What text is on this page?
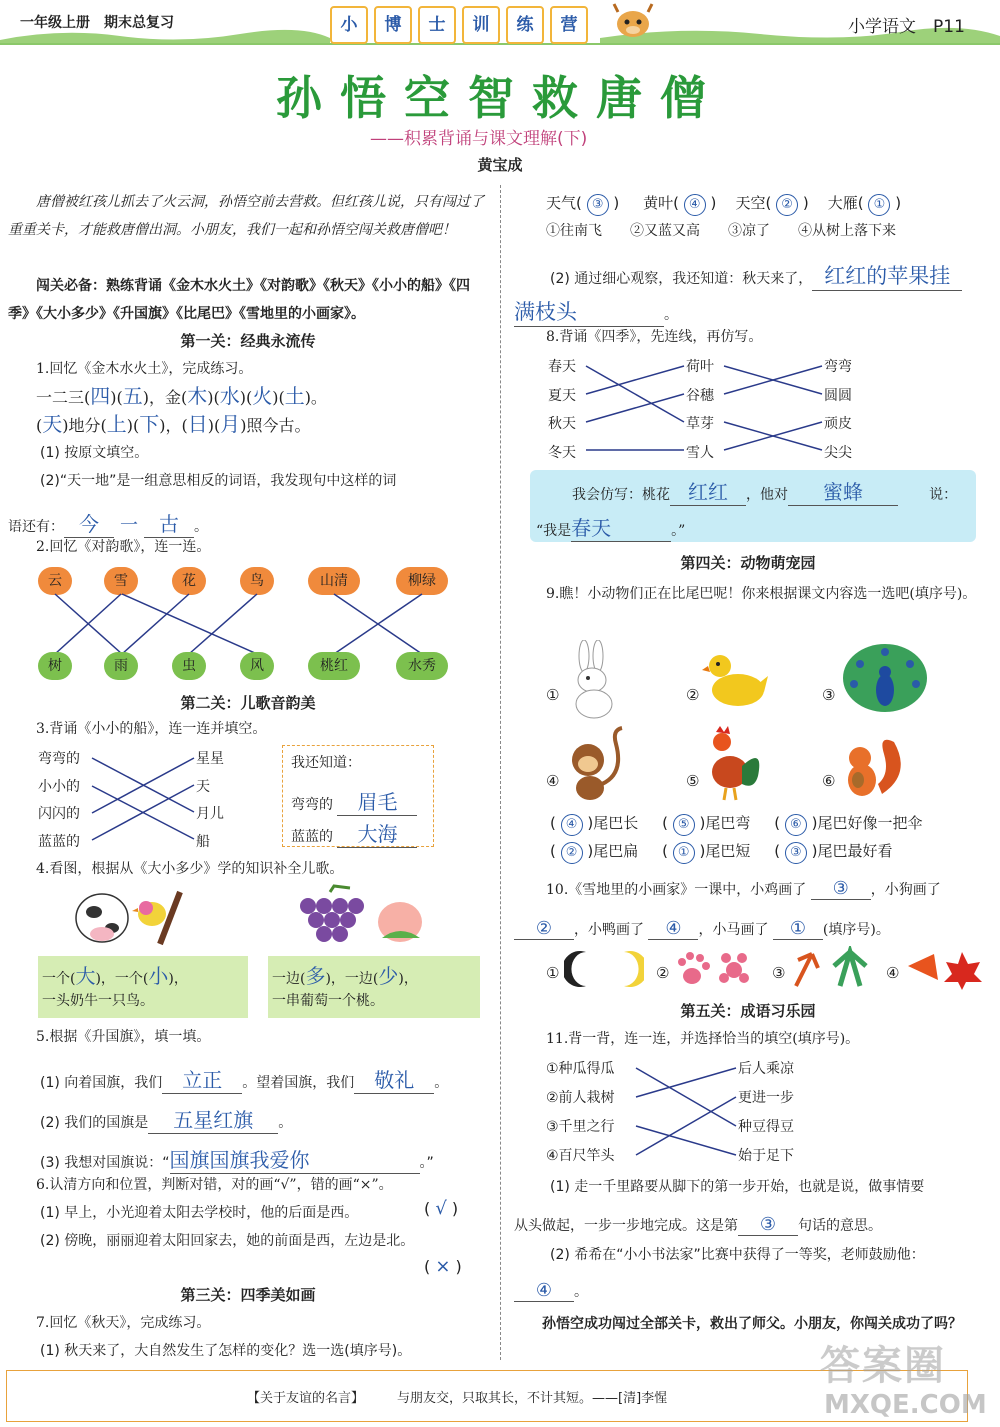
一年级上册　期末总复习	小	博	士	训	练	营	小学语文　P11
孙悟空智救唐僧
——积累背诵与课文理解(下)
黄宝成
唐僧被红孩儿抓去了火云洞，孙悟空前去营救。但红孩儿说，只有闯过了重重关卡，才能救唐僧出洞。小朋友，我们一起和孙悟空闯关救唐僧吧！
闯关必备：熟练背诵《金木水火土》《对韵歌》《秋天》《小小的船》《四季》《大小多少》《升国旗》《比尾巴》《雪地里的小画家》。
第一关：经典永流传
1.回忆《金木水火土》，完成练习。
一二三(四)(五)，金(木)(水)(火)(土)。
(天)地分(上)(下)，(日)(月)照今古。
(1) 按原文填空。
(2)“天一地”是一组意思相反的词语，我发现句中这样的词
语还有： 今 一 古 。
2.回忆《对韵歌》，连一连。
云	雪	花	鸟	山清	柳绿
树	雨	虫	风	桃红	水秀
第二关：儿歌音韵美
3.背诵《小小的船》，连一连并填空。
弯弯的
小小的
闪闪的
蓝蓝的
星星
天
月儿
船
我还知道：
弯弯的 眉毛
蓝蓝的 大海
4.看图，根据从《大小多少》学的知识补全儿歌。
一个(大)，一个(小)，
一头奶牛一只鸟。
一边(多)，一边(少)，
一串葡萄一个桃。
5.根据《升国旗》，填一填。
(1) 向着国旗，我们 立正 。望着国旗，我们 敬礼 。
(2) 我们的国旗是 五星红旗 。
(3) 我想对国旗说：“国旗国旗我爱你	。”
6.认清方向和位置，判断对错，对的画“√”，错的画“×”。
(1) 早上，小光迎着太阳去学校时，他的后面是西。	( √ )
(2) 傍晚，丽丽迎着太阳回家去，她的前面是西，左边是北。
( × )
第三关：四季美如画
7.回忆《秋天》，完成练习。
(1) 秋天来了，大自然发生了怎样的变化？选一选(填序号)。
天气( ③ )     黄叶( ④ )    天空( ② )    大雁( ① )
①往南飞　　②又蓝又高　　③凉了　　④从树上落下来
(2) 通过细心观察，我还知道：秋天来了， 红红的苹果挂
满枝头	。
8.背诵《四季》，先连线，再仿写。
春天
夏天
秋天
冬天
荷叶
谷穗
草芽
雪人
弯弯
圆圆
顽皮
尖尖
我会仿写：桃花 红红 ，他对 蜜蜂	说：
“我是春天	。”
第四关：动物萌宠园
9.瞧！小动物们正在比尾巴呢！你来根据课文内容选一选吧(填序号)。
①	②	③
④	⑤	⑥
( ④ )尾巴长     ( ⑤ )尾巴弯     ( ⑥ )尾巴好像一把伞
( ② )尾巴扁     ( ① )尾巴短     ( ③ )尾巴最好看
10.《雪地里的小画家》一课中，小鸡画了 ③ ，小狗画了
② ，小鸭画了 ④ ，小马画了 ① (填序号)。
①	②	③	④
第五关：成语习乐园
11.背一背，连一连，并选择恰当的填空(填序号)。
①种瓜得瓜
②前人栽树
③千里之行
④百尺竿头
后人乘凉
更进一步
种豆得豆
始于足下
(1) 走一千里路要从脚下的第一步开始，也就是说，做事情要
从头做起，一步一步地完成。这是第 ③ 句话的意思。
(2) 希希在“小小书法家”比赛中获得了一等奖，老师鼓励他：
④ 。
孙悟空成功闯过全部关卡，救出了师父。小朋友，你闯关成功了吗？
【关于友谊的名言】	与朋友交，只取其长，不计其短。——[清]李惺
答案圈
MXQE.COM
